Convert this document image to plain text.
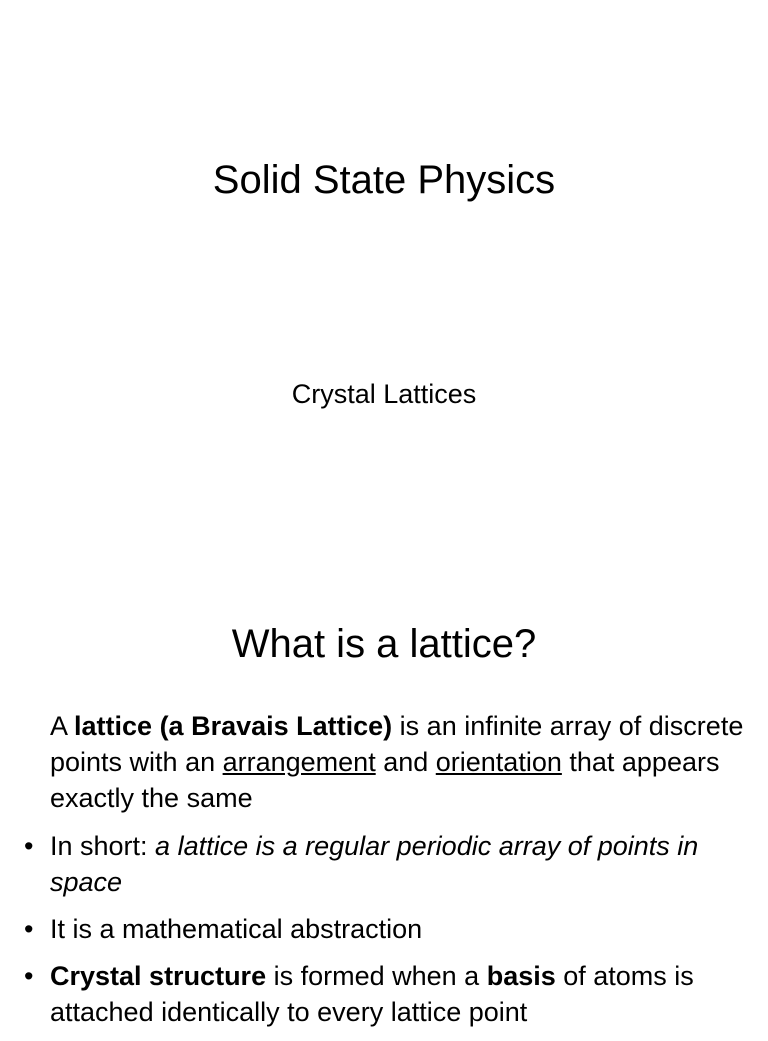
Solid State Physics
Crystal Lattices
What is a lattice?
A lattice (a Bravais Lattice) is an infinite array of discrete points with an arrangement and orientation that appears exactly the same
• In short: a lattice is a regular periodic array of points in space
• It is a mathematical abstraction
• Crystal structure is formed when a basis of atoms is attached identically to every lattice point
